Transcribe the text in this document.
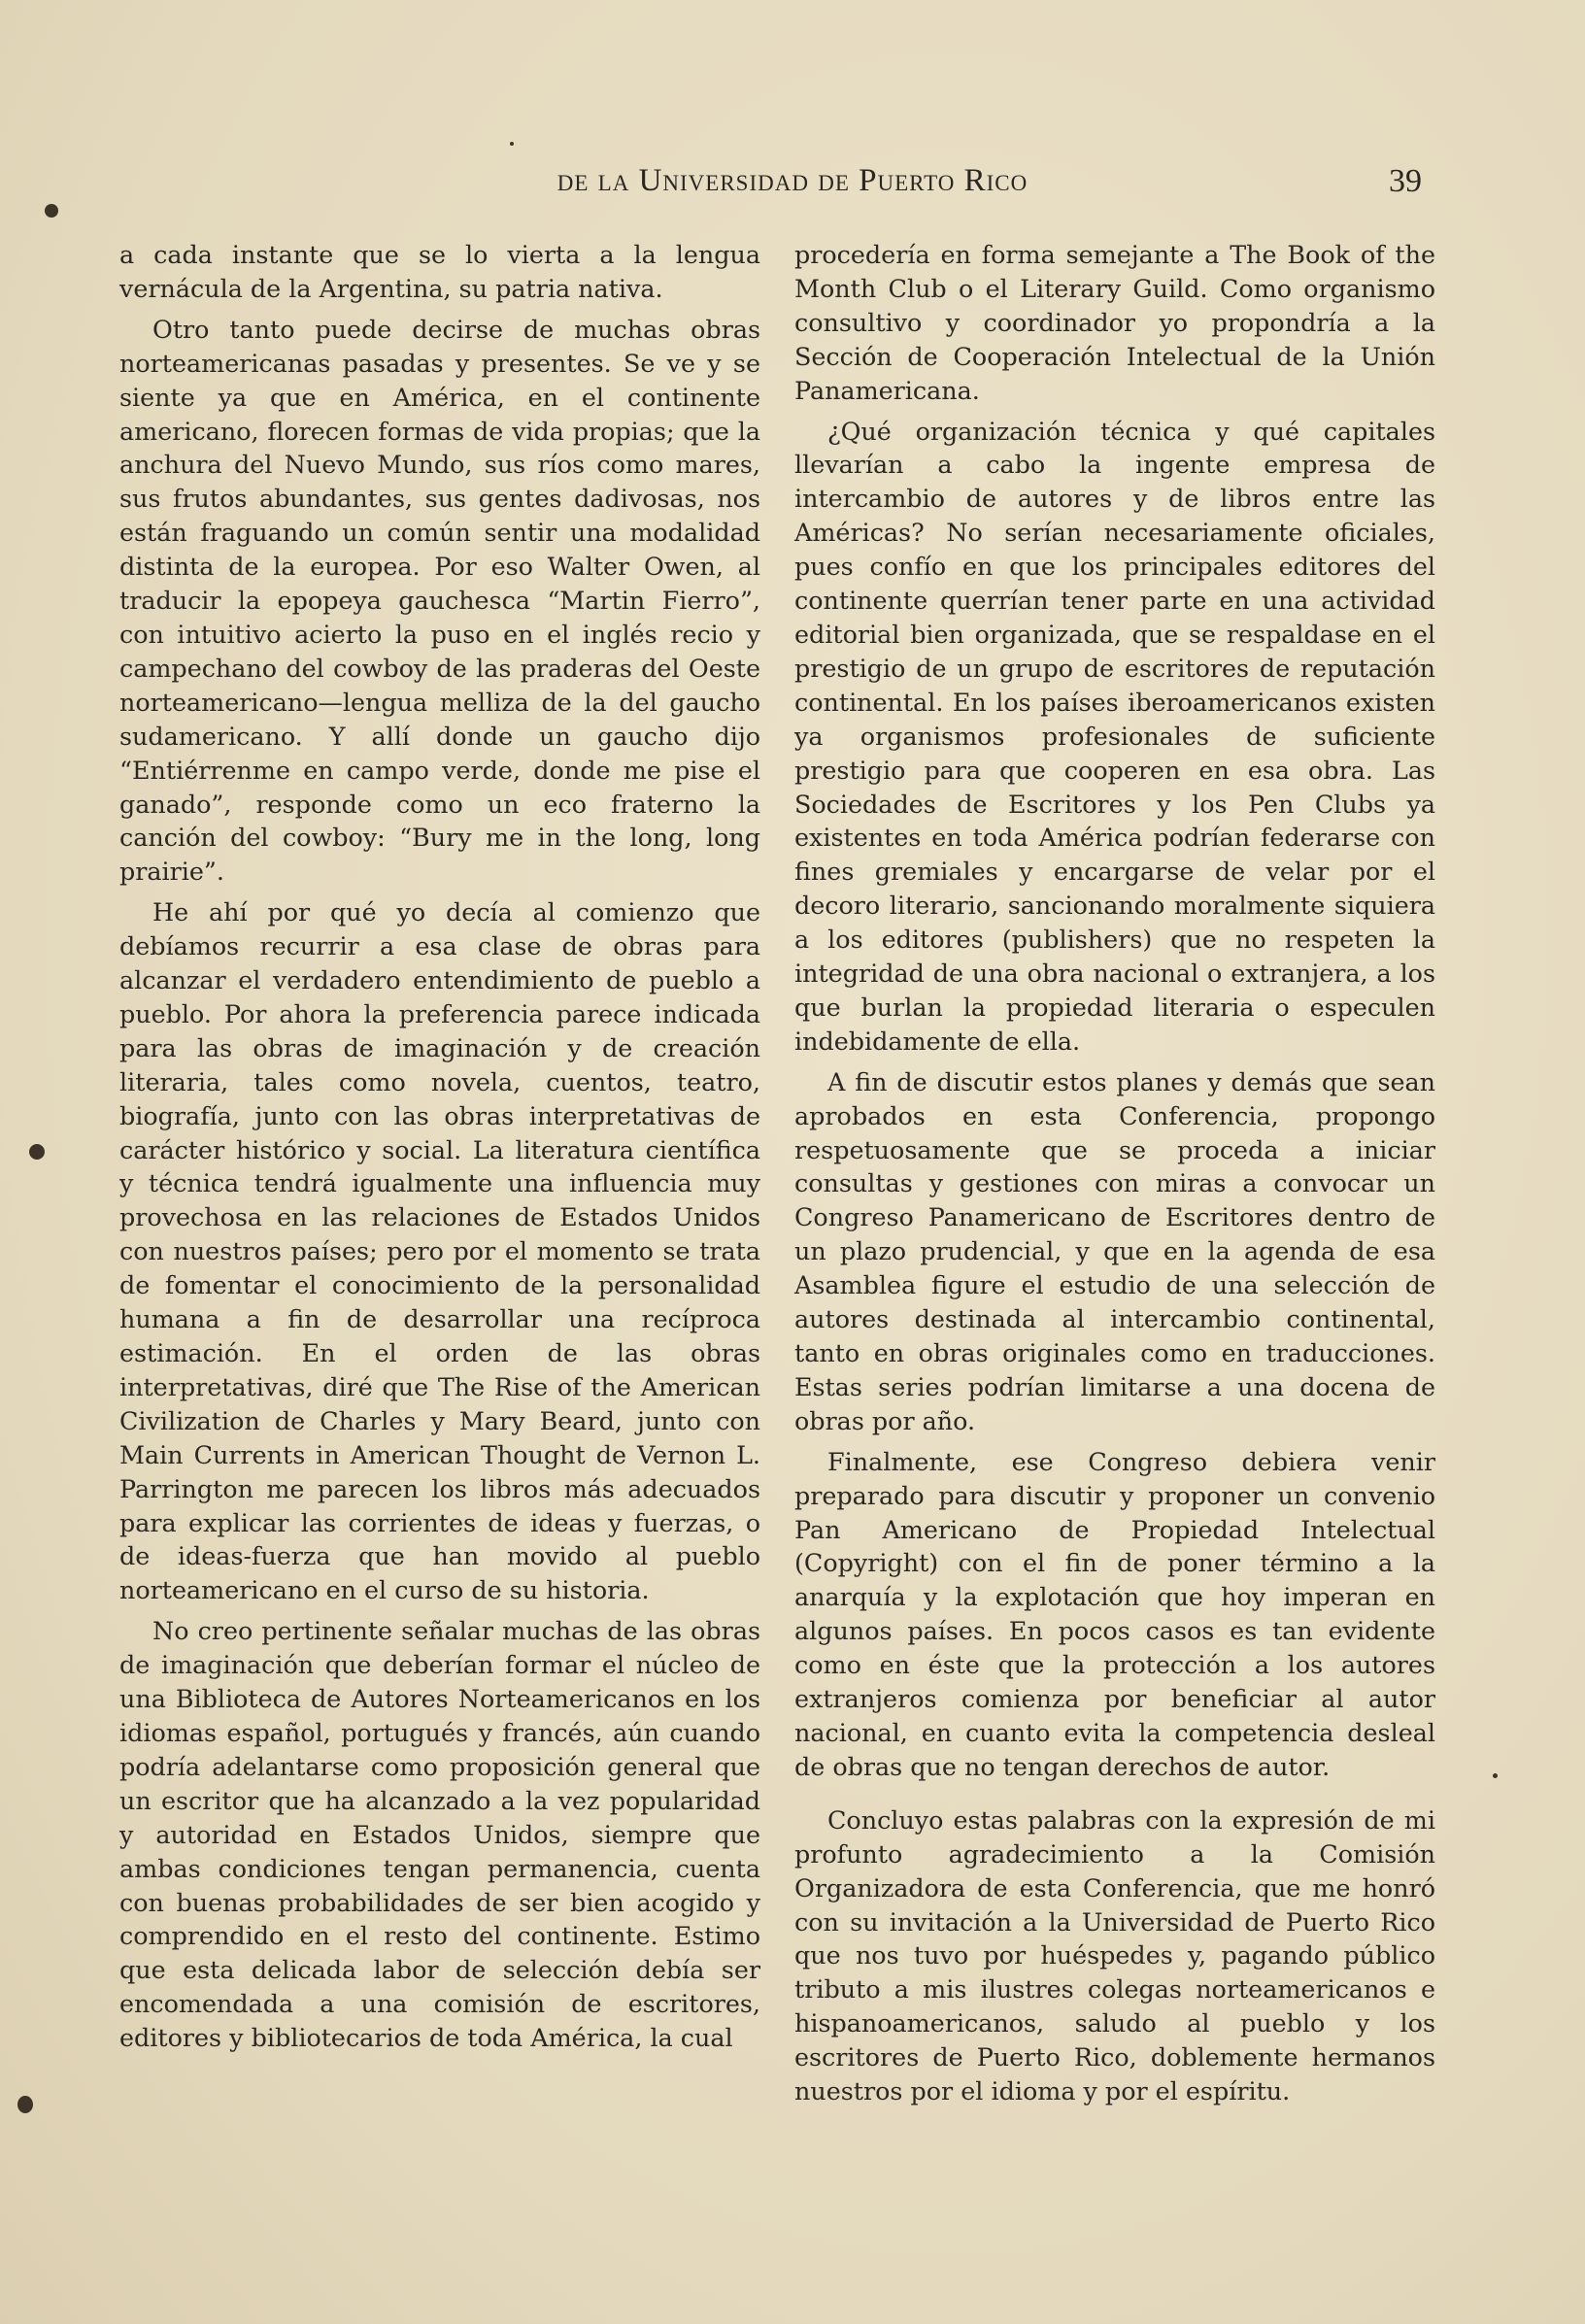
de la Universidad de Puerto Rico	39

a cada instante que se lo vierta a la lengua vernácula de la Argentina, su patria nativa.

Otro tanto puede decirse de muchas obras norteamericanas pasadas y presentes. Se ve y se siente ya que en América, en el continente americano, florecen formas de vida propias; que la anchura del Nuevo Mundo, sus ríos como mares, sus frutos abundantes, sus gentes dadivosas, nos están fraguando un común sentir una modalidad distinta de la europea. Por eso Walter Owen, al traducir la epopeya gauchesca “Martin Fierro”, con intuitivo acierto la puso en el inglés recio y campechano del cowboy de las praderas del Oeste norteamericano—lengua melliza de la del gaucho sudamericano. Y allí donde un gaucho dijo “Entiérrenme en campo verde, donde me pise el ganado”, responde como un eco fraterno la canción del cowboy: “Bury me in the long, long prairie”.

He ahí por qué yo decía al comienzo que debíamos recurrir a esa clase de obras para alcanzar el verdadero entendimiento de pueblo a pueblo. Por ahora la preferencia parece indicada para las obras de imaginación y de creación literaria, tales como novela, cuentos, teatro, biografía, junto con las obras interpretativas de carácter histórico y social. La literatura científica y técnica tendrá igualmente una influencia muy provechosa en las relaciones de Estados Unidos con nuestros países; pero por el momento se trata de fomentar el conocimiento de la personalidad humana a fin de desarrollar una recíproca estimación. En el orden de las obras interpretativas, diré que The Rise of the American Civilization de Charles y Mary Beard, junto con Main Currents in American Thought de Vernon L. Parrington me parecen los libros más adecuados para explicar las corrientes de ideas y fuerzas, o de ideas-fuerza que han movido al pueblo norteamericano en el curso de su historia.

No creo pertinente señalar muchas de las obras de imaginación que deberían formar el núcleo de una Biblioteca de Autores Norteamericanos en los idiomas español, portugués y francés, aún cuando podría adelantarse como proposición general que un escritor que ha alcanzado a la vez popularidad y autoridad en Estados Unidos, siempre que ambas condiciones tengan permanencia, cuenta con buenas probabilidades de ser bien acogido y comprendido en el resto del continente. Estimo que esta delicada labor de selección debía ser encomendada a una comisión de escritores, editores y bibliotecarios de toda América, la cual

procedería en forma semejante a The Book of the Month Club o el Literary Guild. Como organismo consultivo y coordinador yo propondría a la Sección de Cooperación Intelectual de la Unión Panamericana.

¿Qué organización técnica y qué capitales llevarían a cabo la ingente empresa de intercambio de autores y de libros entre las Américas? No serían necesariamente oficiales, pues confío en que los principales editores del continente querrían tener parte en una actividad editorial bien organizada, que se respaldase en el prestigio de un grupo de escritores de reputación continental. En los países iberoamericanos existen ya organismos profesionales de suficiente prestigio para que cooperen en esa obra. Las Sociedades de Escritores y los Pen Clubs ya existentes en toda América podrían federarse con fines gremiales y encargarse de velar por el decoro literario, sancionando moralmente siquiera a los editores (publishers) que no respeten la integridad de una obra nacional o extranjera, a los que burlan la propiedad literaria o especulen indebidamente de ella.

A fin de discutir estos planes y demás que sean aprobados en esta Conferencia, propongo respetuosamente que se proceda a iniciar consultas y gestiones con miras a convocar un Congreso Panamericano de Escritores dentro de un plazo prudencial, y que en la agenda de esa Asamblea figure el estudio de una selección de autores destinada al intercambio continental, tanto en obras originales como en traducciones. Estas series podrían limitarse a una docena de obras por año.

Finalmente, ese Congreso debiera venir preparado para discutir y proponer un convenio Pan Americano de Propiedad Intelectual (Copyright) con el fin de poner término a la anarquía y la explotación que hoy imperan en algunos países. En pocos casos es tan evidente como en éste que la protección a los autores extranjeros comienza por beneficiar al autor nacional, en cuanto evita la competencia desleal de obras que no tengan derechos de autor.

Concluyo estas palabras con la expresión de mi profunto agradecimiento a la Comisión Organizadora de esta Conferencia, que me honró con su invitación a la Universidad de Puerto Rico que nos tuvo por huéspedes y, pagando público tributo a mis ilustres colegas norteamericanos e hispanoamericanos, saludo al pueblo y los escritores de Puerto Rico, doblemente hermanos nuestros por el idioma y por el espíritu.
